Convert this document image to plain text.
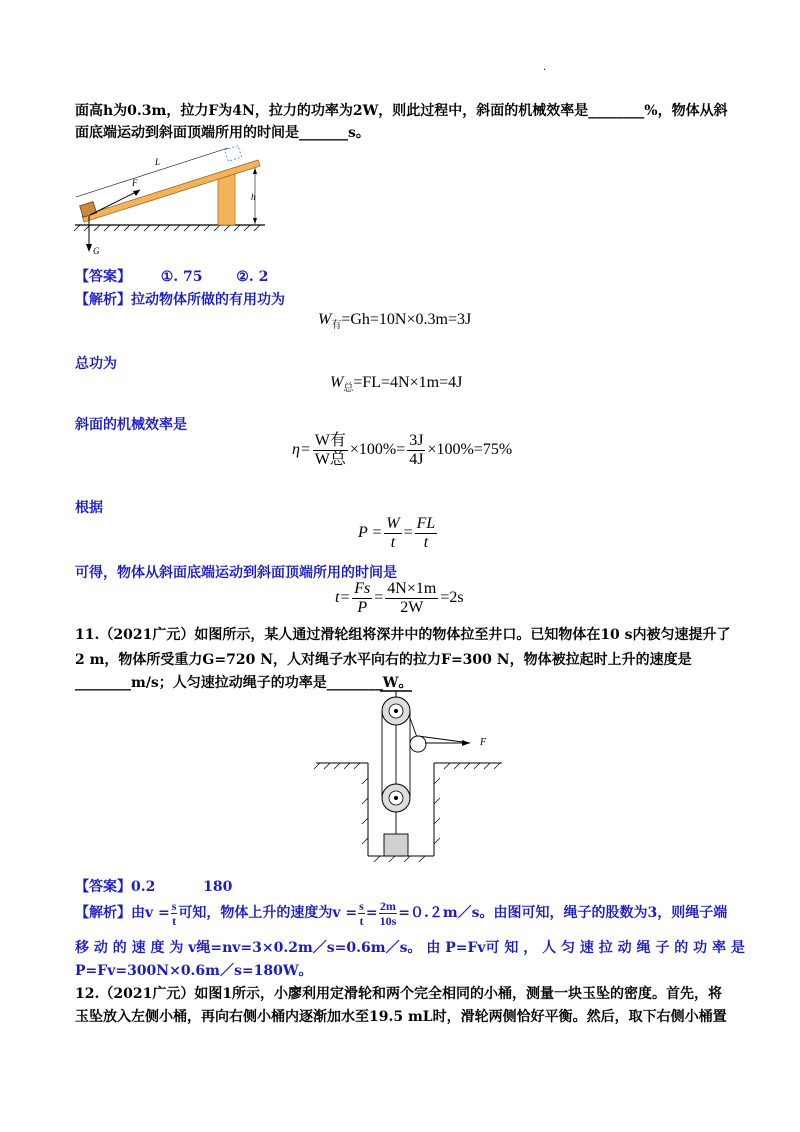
.
面高h为0.3m，拉力F为4N，拉力的功率为2W，则此过程中，斜面的机械效率是________%，物体从斜
面底端运动到斜面顶端所用的时间是_______s。
F
L
h
G
【答案】 ①. 75 ②. 2
【解析】拉动物体所做的有用功为
$W_有=Gh=10N\times 0.3m=3J$
总功为
$W_总=FL=4N\times 1m=4J$
斜面的机械效率是
$\eta= \frac{\text{W有}}{\text{W总}} \times 100\%= \frac{3J}{4J} \times 100\%=75\%$
根据
$P = \frac{W}{t} = \frac{FL}{t}$
可得，物体从斜面底端运动到斜面顶端所用的时间是
$t= \frac{Fs}{P} = \frac{4N\times 1m}{2W} =2s$
11.（2021广元）如图所示，某人通过滑轮组将深井中的物体拉至井口。已知物体在10 s内被匀速提升了
2 m，物体所受重力G=720 N，人对绳子水平向右的拉力F=300 N，物体被拉起时上升的速度是
________m/s；人匀速拉动绳子的功率是________W。
F
【答案】0.2	180
【解析】由$v = \frac{s}{t}$ 可知，物体上升的速度为$v = \frac{s}{t} = \frac{2m}{10s}$ =０.２m／s。由图可知，绳子的股数为3，则绳子端
移 动 的 速 度 为 v绳=nv=3×0.2m／s=0.6m／s。 由 P=Fv可 知 ， 人 匀 速 拉 动 绳 子 的 功 率 是
P=Fv=300N×0.6m／s=180W。
12.（2021广元）如图1所示，小廖利用定滑轮和两个完全相同的小桶，测量一块玉坠的密度。首先，将
玉坠放入左侧小桶，再向右侧小桶内逐渐加水至19.5 mL时，滑轮两侧恰好平衡。然后，取下右侧小桶置
